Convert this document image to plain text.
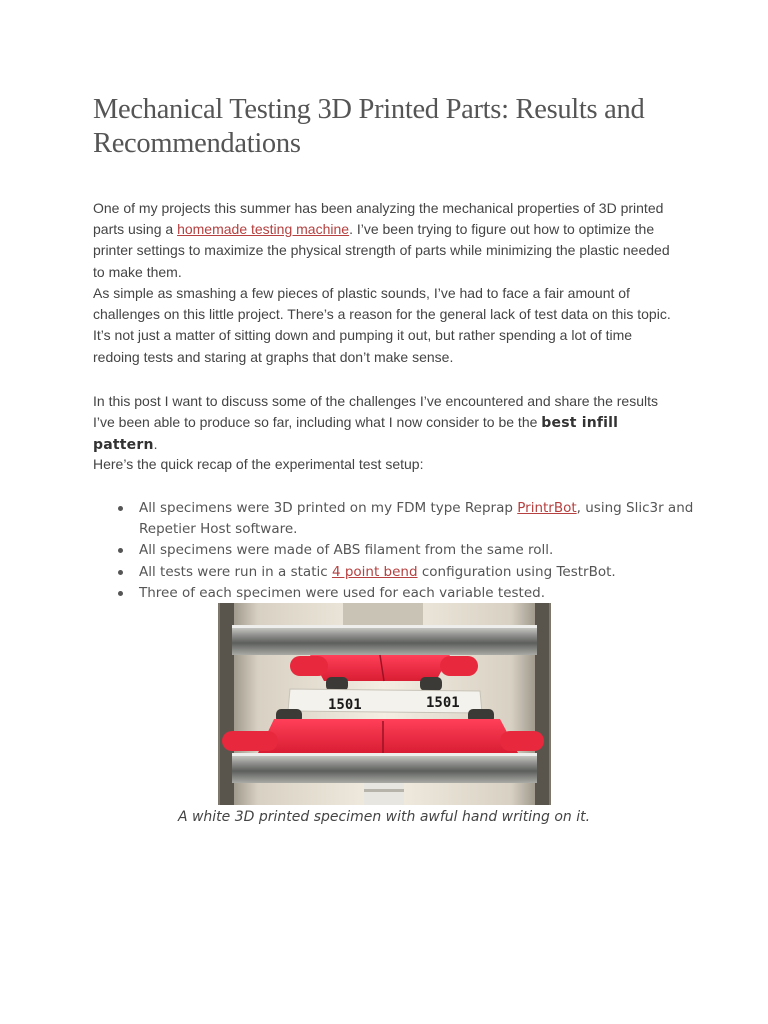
Mechanical Testing 3D Printed Parts: Results and Recommendations

One of my projects this summer has been analyzing the mechanical properties of 3D printed parts using a homemade testing machine. I’ve been trying to figure out how to optimize the printer settings to maximize the physical strength of parts while minimizing the plastic needed to make them.

As simple as smashing a few pieces of plastic sounds, I’ve had to face a fair amount of challenges on this little project. There’s a reason for the general lack of test data on this topic. It’s not just a matter of sitting down and pumping it out, but rather spending a lot of time redoing tests and staring at graphs that don’t make sense.

In this post I want to discuss some of the challenges I’ve encountered and share the results I’ve been able to produce so far, including what I now consider to be the best infill pattern.

Here’s the quick recap of the experimental test setup:

All specimens were 3D printed on my FDM type Reprap PrintrBot, using Slic3r and Repetier Host software.
All specimens were made of ABS filament from the same roll.
All tests were run in a static 4 point bend configuration using TestrBot.
Three of each specimen were used for each variable tested.
1501	1501

A white 3D printed specimen with awful hand writing on it.
